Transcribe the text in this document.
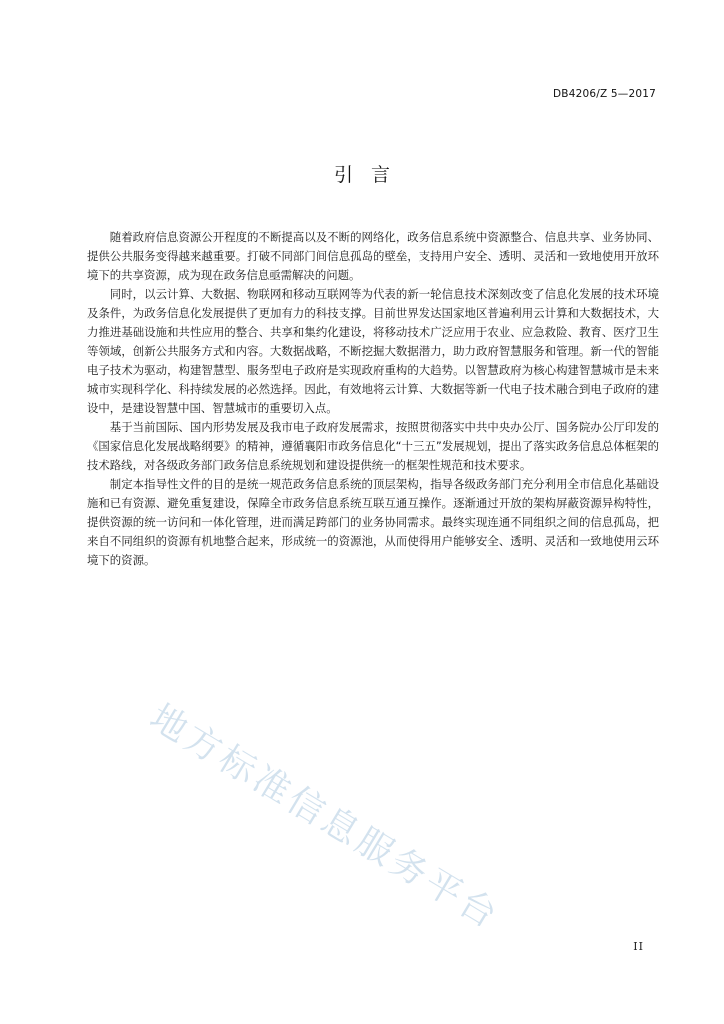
DB4206/Z 5—2017
引言

随着政府信息资源公开程度的不断提高以及不断的网络化，政务信息系统中资源整合、信息共享、业务协同、提供公共服务变得越来越重要。打破不同部门间信息孤岛的壁垒，支持用户安全、透明、灵活和一致地使用开放环境下的共享资源，成为现在政务信息亟需解决的问题。

同时，以云计算、大数据、物联网和移动互联网等为代表的新一轮信息技术深刻改变了信息化发展的技术环境及条件，为政务信息化发展提供了更加有力的科技支撑。目前世界发达国家地区普遍利用云计算和大数据技术，大力推进基础设施和共性应用的整合、共享和集约化建设，将移动技术广泛应用于农业、应急救险、教育、医疗卫生等领域，创新公共服务方式和内容。大数据战略，不断挖掘大数据潜力，助力政府智慧服务和管理。新一代的智能电子技术为驱动，构建智慧型、服务型电子政府是实现政府重构的大趋势。以智慧政府为核心构建智慧城市是未来城市实现科学化、科持续发展的必然选择。因此，有效地将云计算、大数据等新一代电子技术融合到电子政府的建设中，是建设智慧中国、智慧城市的重要切入点。

基于当前国际、国内形势发展及我市电子政府发展需求，按照贯彻落实中共中央办公厅、国务院办公厅印发的《国家信息化发展战略纲要》的精神，遵循襄阳市政务信息化“十三五”发展规划，提出了落实政务信息总体框架的技术路线，对各级政务部门政务信息系统规划和建设提供统一的框架性规范和技术要求。

制定本指导性文件的目的是统一规范政务信息系统的顶层架构，指导各级政务部门充分利用全市信息化基础设施和已有资源、避免重复建设，保障全市政务信息系统互联互通互操作。逐渐通过开放的架构屏蔽资源异构特性，提供资源的统一访问和一体化管理，进而满足跨部门的业务协同需求。最终实现连通不同组织之间的信息孤岛，把来自不同组织的资源有机地整合起来，形成统一的资源池，从而使得用户能够安全、透明、灵活和一致地使用云环境下的资源。

地方标准信息服务平台
II
